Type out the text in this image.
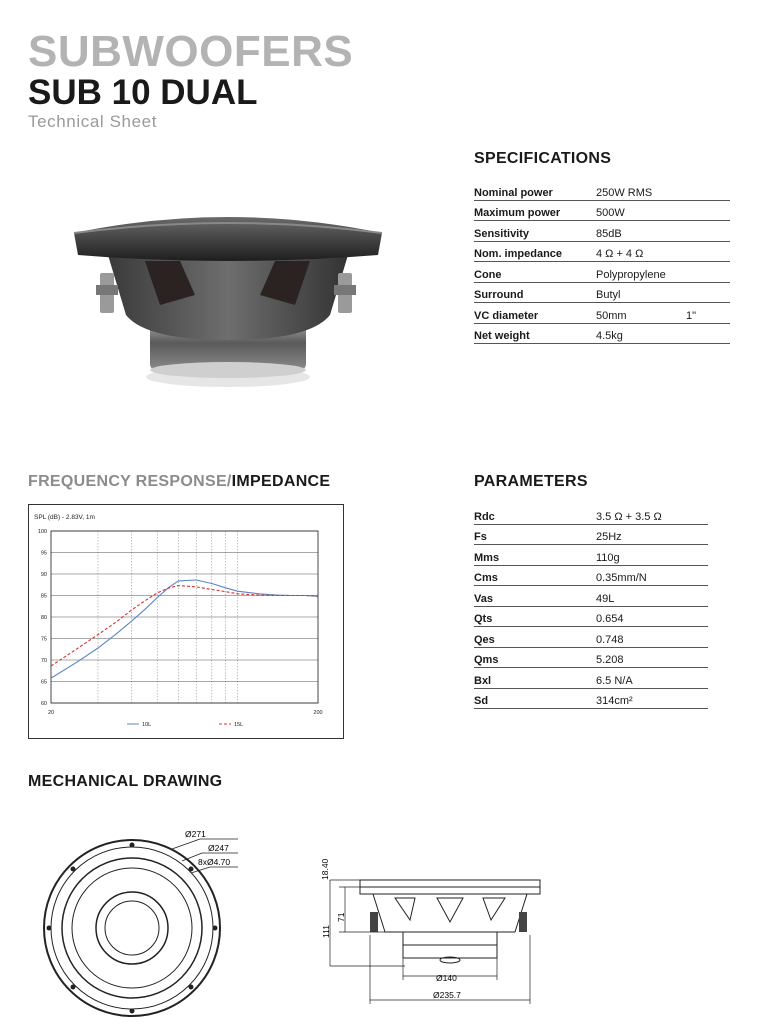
SUBWOOFERS
SUB 10 DUAL
Technical Sheet
SPECIFICATIONS
Nominal power	250W RMS	
Maximum power	500W	
Sensitivity	85dB	
Nom. impedance	4 Ω + 4 Ω	
Cone	Polypropylene	
Surround	Butyl	
VC diameter	50mm	1"
Net weight	4.5kg	
FREQUENCY RESPONSE/IMPEDANCE
SPL (dB) - 2.83V, 1m
60
65
70
75
80
85
90
95
100
20	200
10L	15L
PARAMETERS
Rdc	3.5 Ω + 3.5 Ω
Fs	25Hz
Mms	110g
Cms	0.35mm/N
Vas	49L
Qts	0.654
Qes	0.748
Qms	5.208
Bxl	6.5 N/A
Sd	314cm²
MECHANICAL DRAWING
Ø271
Ø247
8xØ4.70	18.40
71
111
Ø140
Ø235.7
